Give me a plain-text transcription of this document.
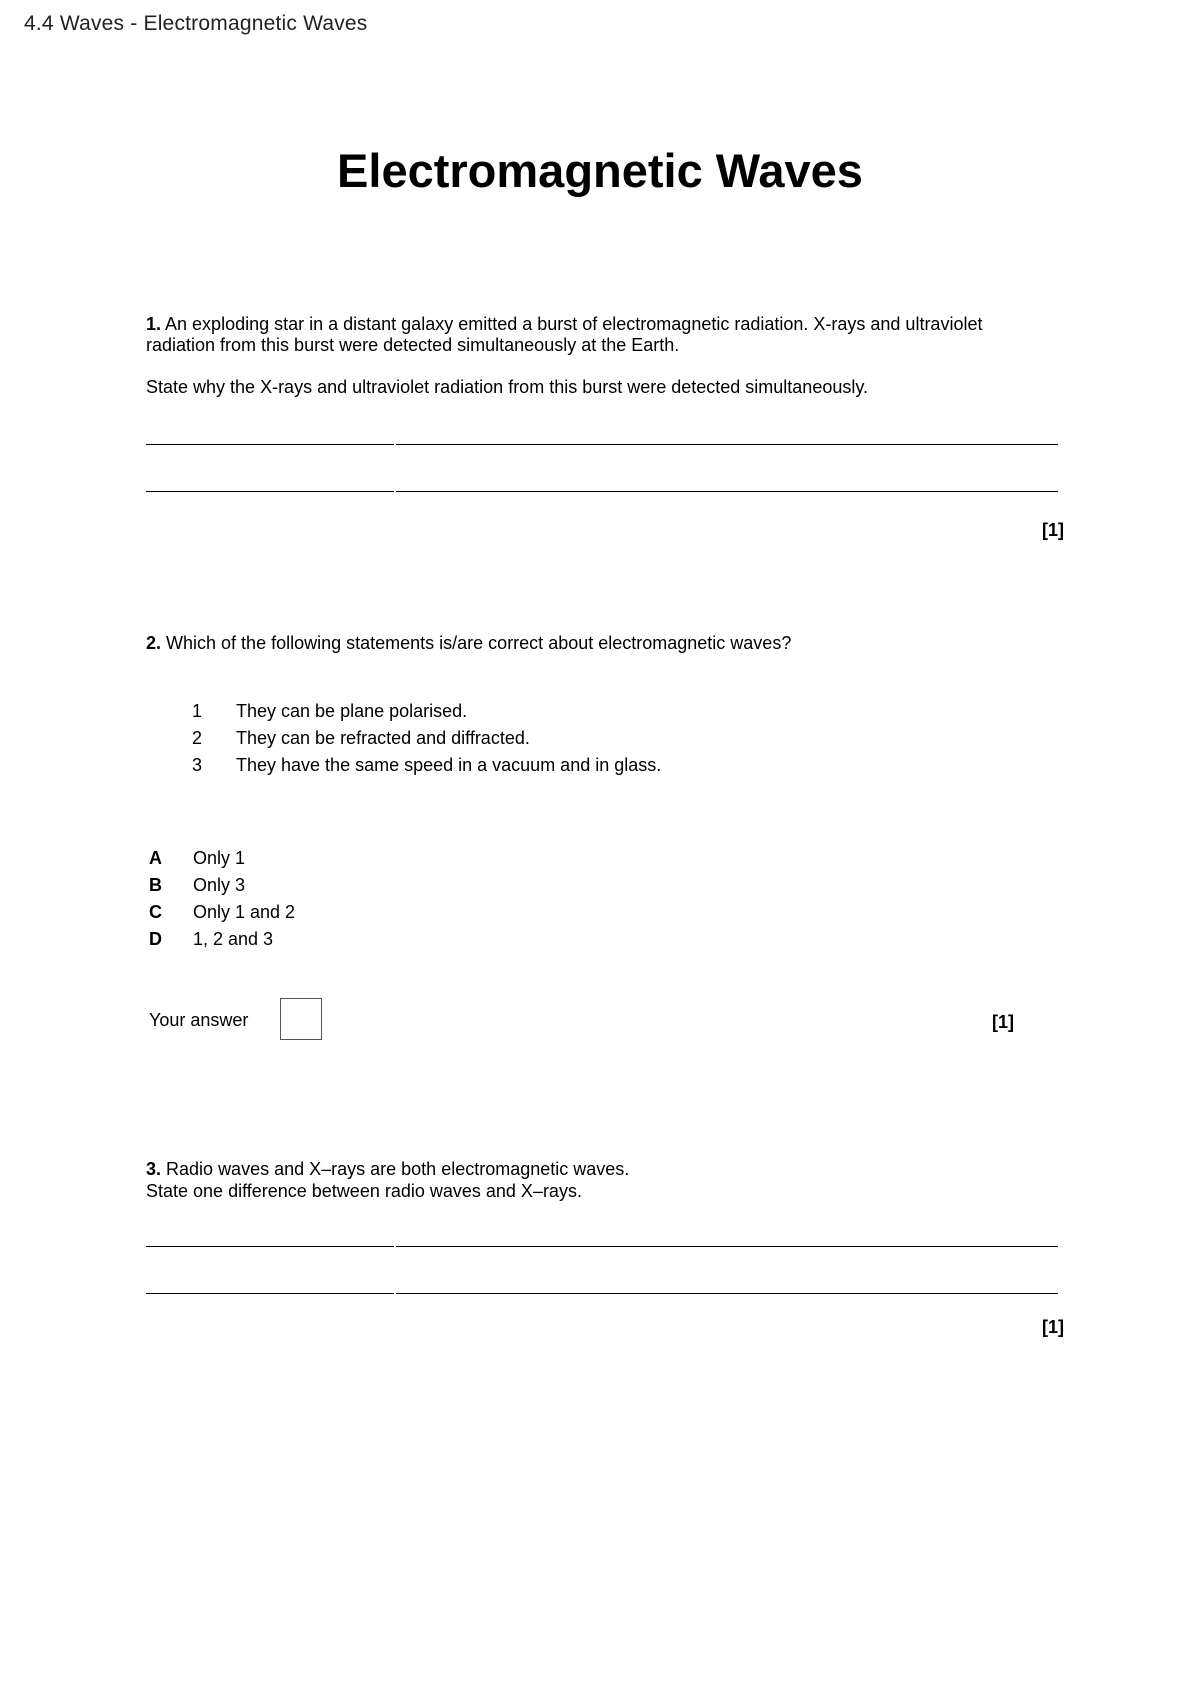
4.4 Waves - Electromagnetic Waves
Electromagnetic Waves
1. An exploding star in a distant galaxy emitted a burst of electromagnetic radiation. X-rays and ultraviolet radiation from this burst were detected simultaneously at the Earth.
State why the X-rays and ultraviolet radiation from this burst were detected simultaneously.
[1]
2. Which of the following statements is/are correct about electromagnetic waves?
1 They can be plane polarised.
2 They can be refracted and diffracted.
3 They have the same speed in a vacuum and in glass.
A Only 1
B Only 3
C Only 1 and 2
D 1, 2 and 3
Your answer	[1]
3. Radio waves and X–rays are both electromagnetic waves.
State one difference between radio waves and X–rays.
[1]
